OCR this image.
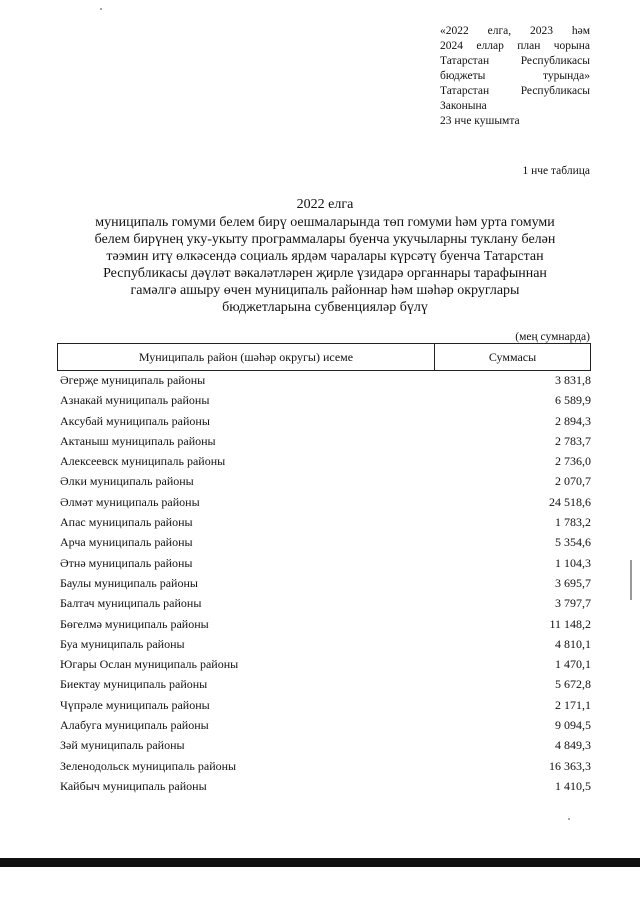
«2022 елга, 2023 һәм
2024 еллар план чорына
Татарстан Республикасы
бюджеты турында»
Татарстан Республикасы
Законына
23 нче кушымта
1 нче таблица
2022 елга
муниципаль гомуми белем бирү оешмаларында төп гомуми һәм урта гомуми
белем бирүнең уку-укыту программалары буенча укучыларны туклану белән
тәэмин итү өлкәсендә социаль ярдәм чаралары күрсәтү буенча Татарстан
Республикасы дәүләт вәкаләтләрен җирле үзидарә органнары тарафыннан
гамәлгә ашыру өчен муниципаль районнар һәм шәһәр округлары
бюджетларына субвенцияләр бүлү
(мең сумнарда)
Муниципаль район (шәһәр округы) исеме	Суммасы
Әгерҗе муниципаль районы	3 831,8
Азнакай муниципаль районы	6 589,9
Аксубай муниципаль районы	2 894,3
Актаныш муниципаль районы	2 783,7
Алексеевск муниципаль районы	2 736,0
Әлки муниципаль районы	2 070,7
Әлмәт муниципаль районы	24 518,6
Апас муниципаль районы	1 783,2
Арча муниципаль районы	5 354,6
Әтнә муниципаль районы	1 104,3
Баулы муниципаль районы	3 695,7
Балтач муниципаль районы	3 797,7
Бөгелмә муниципаль районы	11 148,2
Буа муниципаль районы	4 810,1
Югары Ослан муниципаль районы	1 470,1
Биектау муниципаль районы	5 672,8
Чүпрәле муниципаль районы	2 171,1
Алабуга муниципаль районы	9 094,5
Зәй муниципаль районы	4 849,3
Зеленодольск муниципаль районы	16 363,3
Кайбыч муниципаль районы	1 410,5
